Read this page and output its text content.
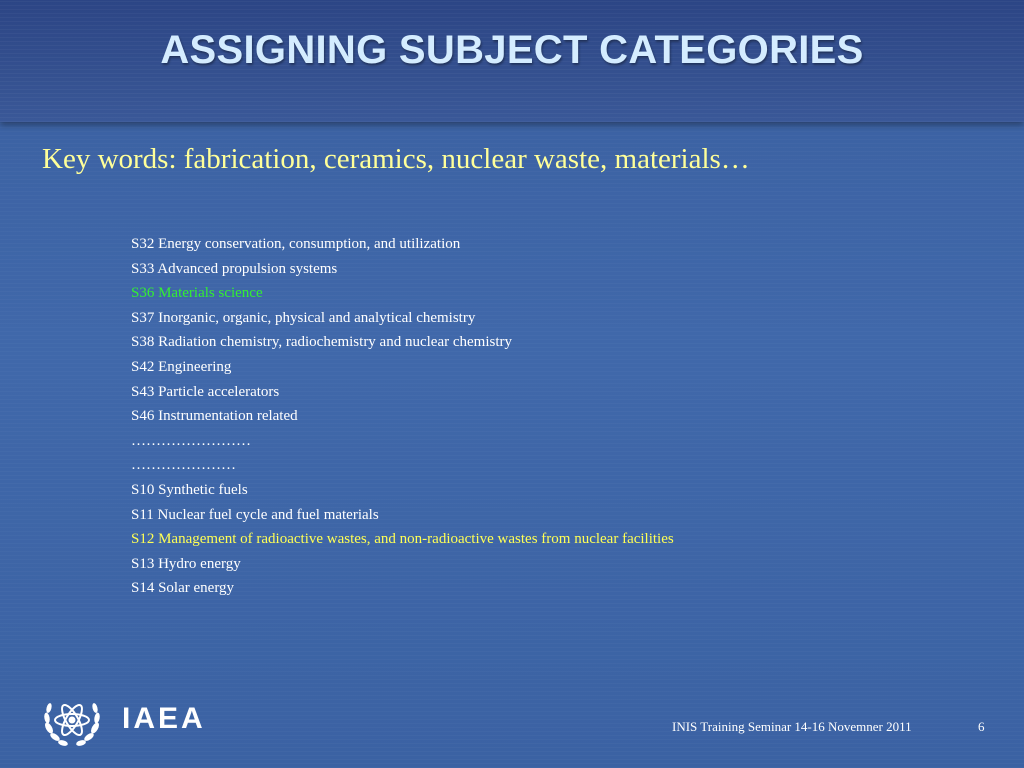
ASSIGNING SUBJECT CATEGORIES
Key words: fabrication, ceramics, nuclear waste, materials…
S32 Energy conservation, consumption, and utilization
S33 Advanced propulsion systems
S36 Materials science
S37 Inorganic, organic, physical and analytical chemistry
S38 Radiation chemistry, radiochemistry and nuclear chemistry
S42 Engineering
S43 Particle accelerators
S46 Instrumentation related
……………………
…………………
S10 Synthetic fuels
S11 Nuclear fuel cycle and fuel materials
S12 Management of radioactive wastes, and non-radioactive wastes from nuclear facilities
S13 Hydro energy
S14 Solar energy
IAEA	INIS Training Seminar 14-16 Novemner 2011	6
